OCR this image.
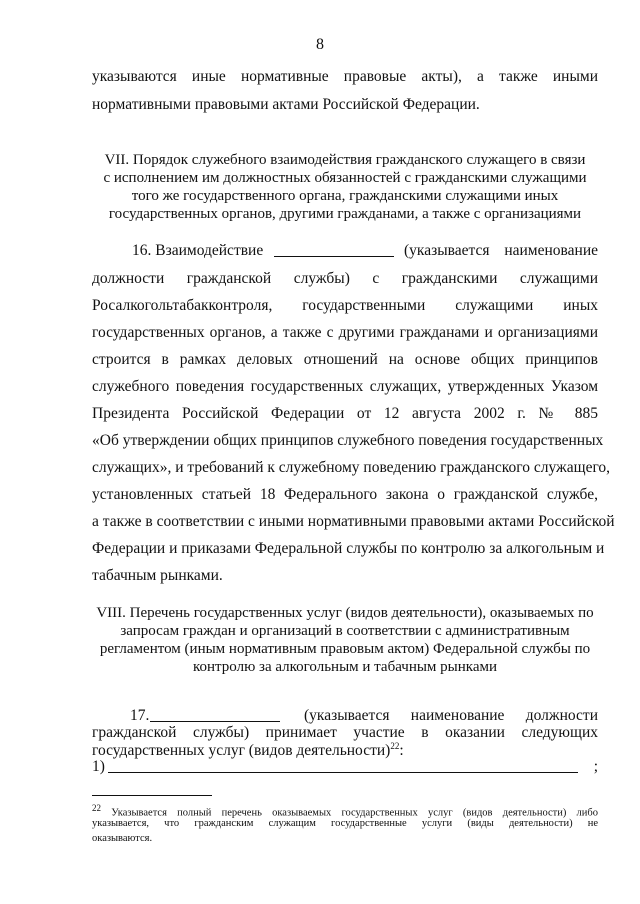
8
указываются иные нормативные правовые акты), а также иными
нормативными правовыми актами Российской Федерации.
VII. Порядок служебного взаимодействия гражданского служащего в связи
с исполнением им должностных обязанностей с гражданскими служащими
того же государственного органа, гражданскими служащими иных
государственных органов, другими гражданами, а также с организациями
16. Взаимодействие	(указывается наименование
должности гражданской службы) с гражданскими служащими
Росалкогольтабакконтроля, государственными служащими иных
государственных органов, а также с другими гражданами и организациями
строится в рамках деловых отношений на основе общих принципов
служебного поведения государственных служащих, утвержденных Указом
Президента Российской Федерации от 12 августа 2002 г. № 885
«Об утверждении общих принципов служебного поведения государственных
служащих», и требований к служебному поведению гражданского служащего,
установленных статьей 18 Федерального закона о гражданской службе,
а также в соответствии с иными нормативными правовыми актами Российской
Федерации и приказами Федеральной службы по контролю за алкогольным и
табачным рынками.
VIII. Перечень государственных услуг (видов деятельности), оказываемых по
запросам граждан и организаций в соответствии с административным
регламентом (иным нормативным правовым актом) Федеральной службы по
контролю за алкогольным и табачным рынками
17.	(указывается наименование должности
гражданской службы) принимает участие в оказании следующих
государственных услуг (видов деятельности)$^{22}$:
1)	;
22 Указывается полный перечень оказываемых государственных услуг (видов деятельности) либо
указывается, что гражданским служащим государственные услуги (виды деятельности) не
оказываются.
